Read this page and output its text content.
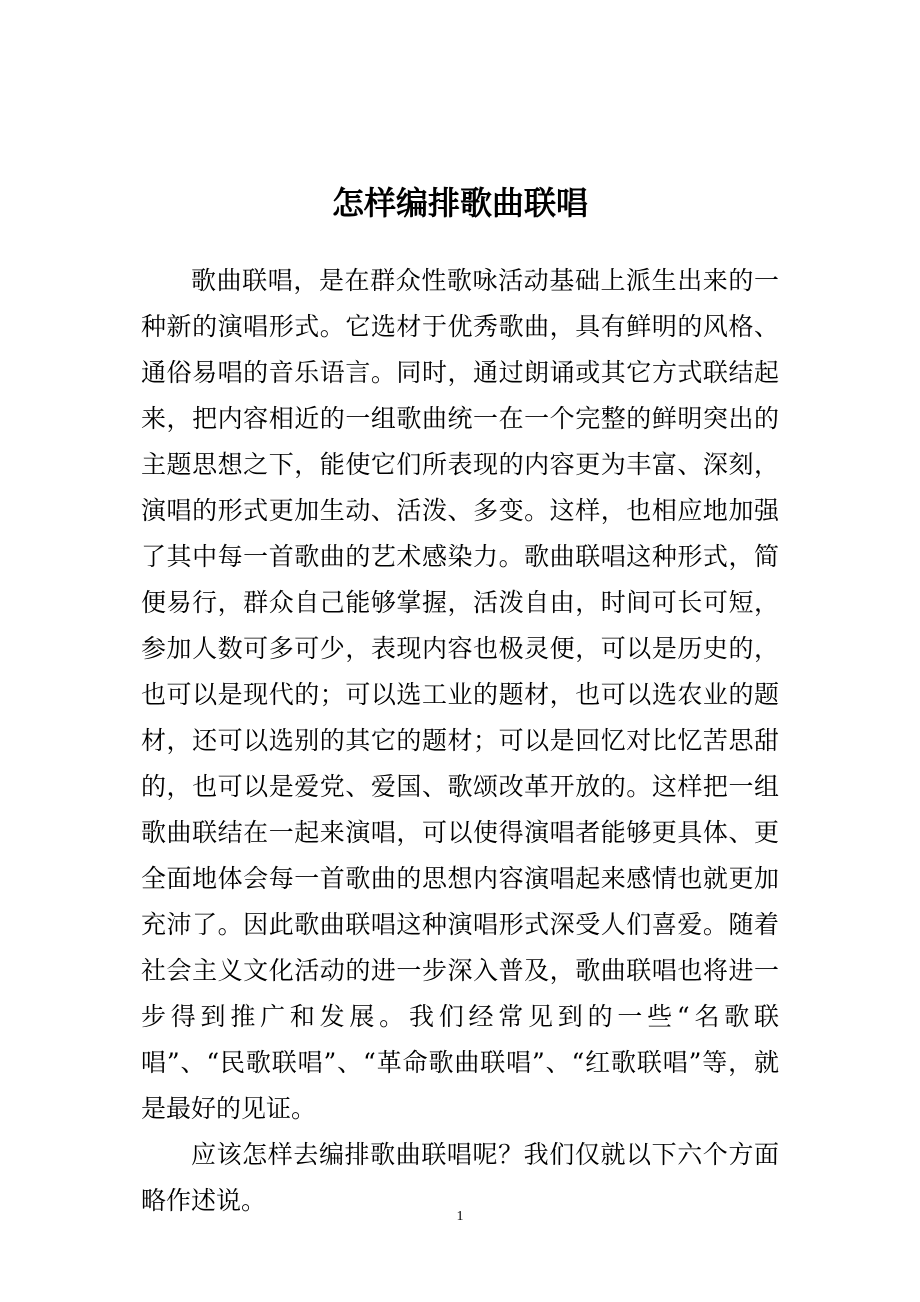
怎样编排歌曲联唱

歌曲联唱，是在群众性歌咏活动基础上派生出来的一种新的演唱形式。它选材于优秀歌曲，具有鲜明的风格、通俗易唱的音乐语言。同时，通过朗诵或其它方式联结起来，把内容相近的一组歌曲统一在一个完整的鲜明突出的主题思想之下，能使它们所表现的内容更为丰富、深刻，演唱的形式更加生动、活泼、多变。这样，也相应地加强了其中每一首歌曲的艺术感染力。歌曲联唱这种形式，简便易行，群众自己能够掌握，活泼自由，时间可长可短，参加人数可多可少，表现内容也极灵便，可以是历史的，也可以是现代的；可以选工业的题材，也可以选农业的题材，还可以选别的其它的题材；可以是回忆对比忆苦思甜的，也可以是爱党、爱国、歌颂改革开放的。这样把一组歌曲联结在一起来演唱，可以使得演唱者能够更具体、更全面地体会每一首歌曲的思想内容演唱起来感情也就更加充沛了。因此歌曲联唱这种演唱形式深受人们喜爱。随着社会主义文化活动的进一步深入普及，歌曲联唱也将进一步得到推广和发展。我们经常见到的一些“名歌联唱”、“民歌联唱”、“革命歌曲联唱”、“红歌联唱”等，就是最好的见证。

应该怎样去编排歌曲联唱呢？我们仅就以下六个方面略作述说。

1
